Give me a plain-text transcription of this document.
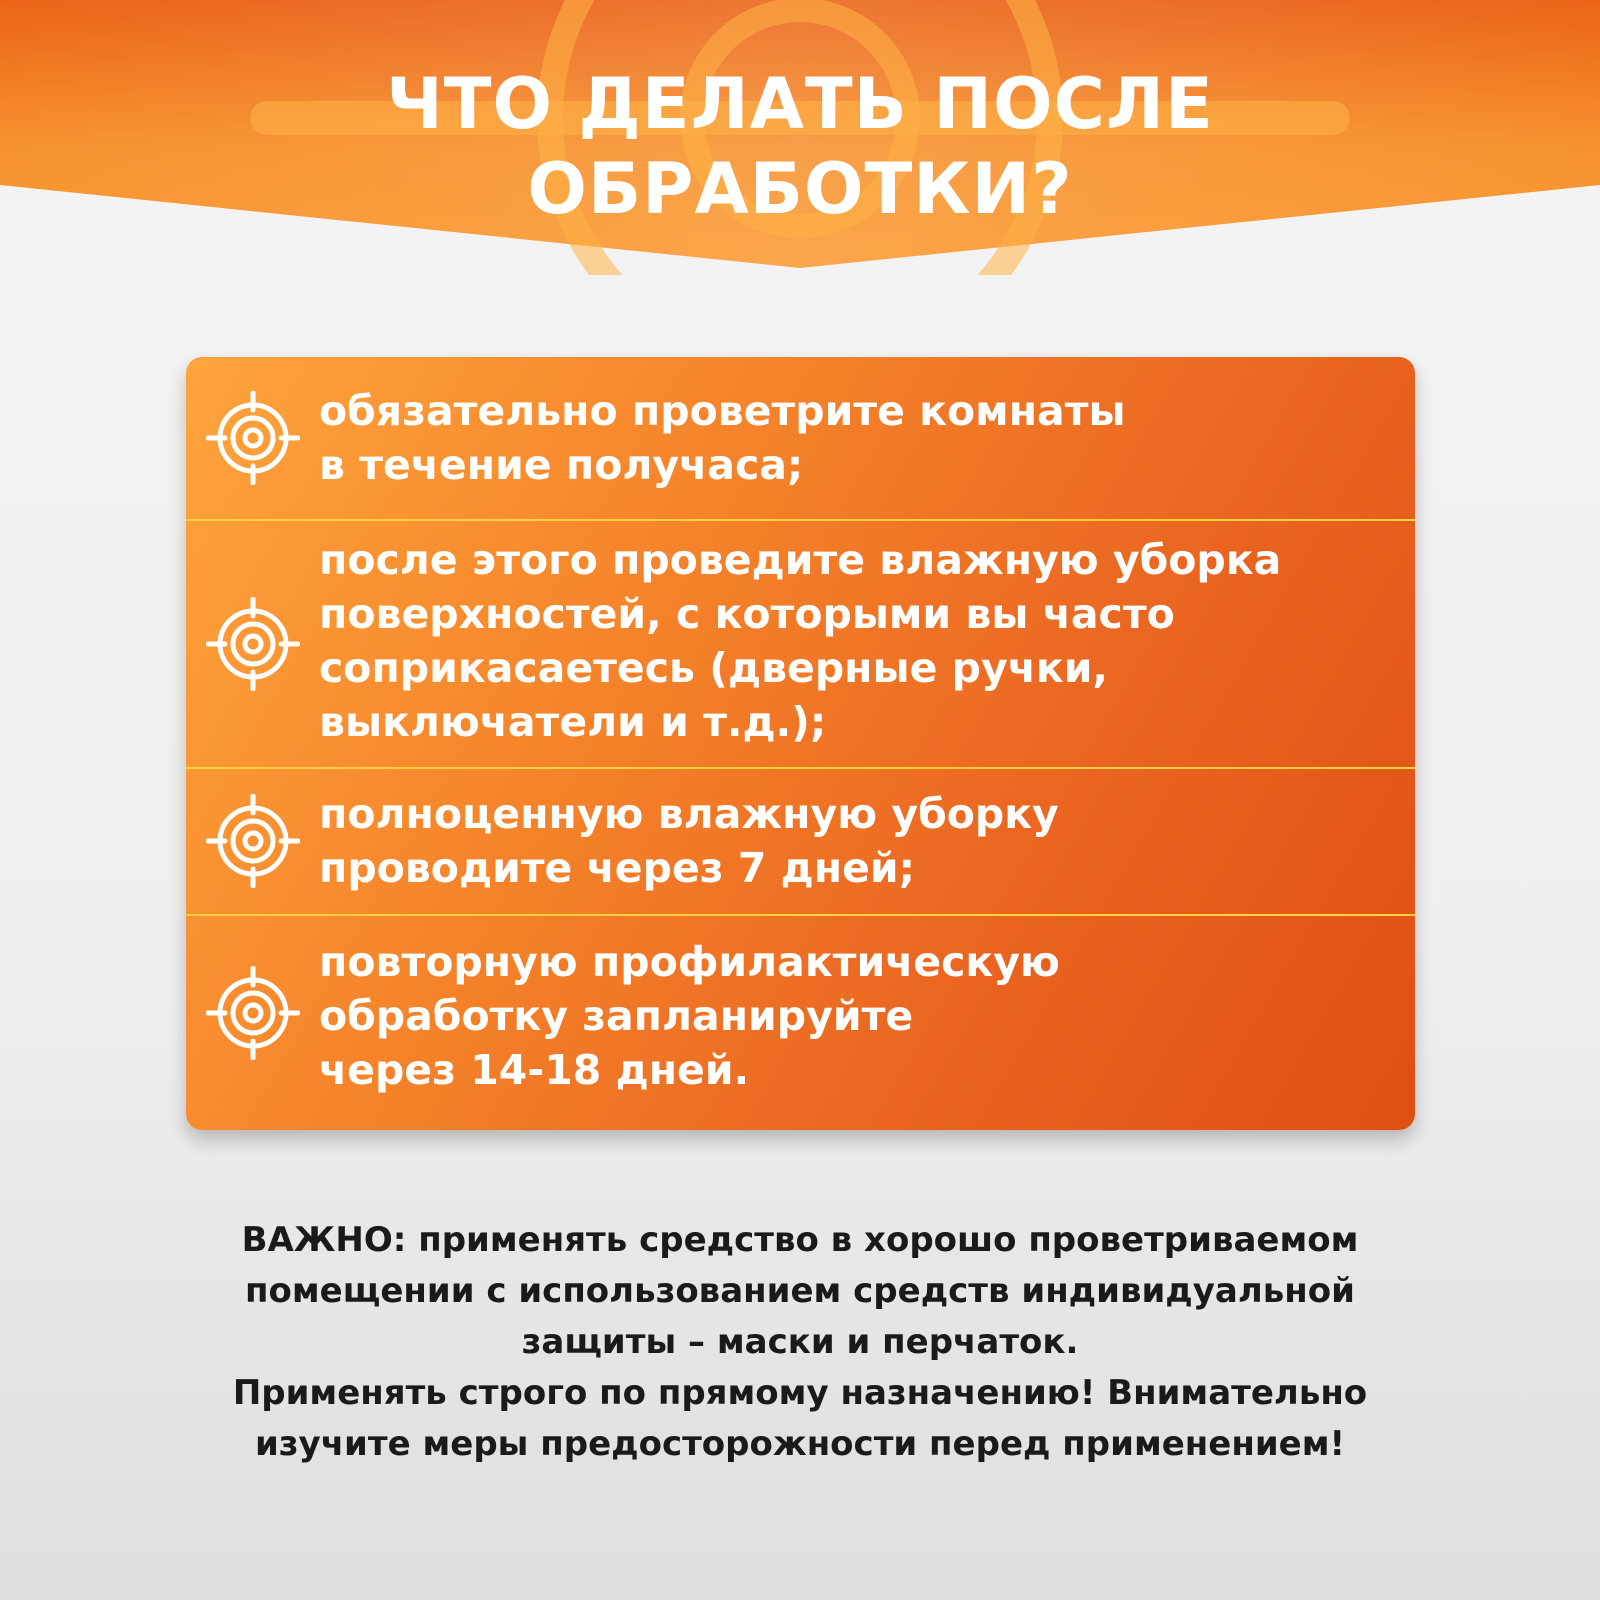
ЧТО ДЕЛАТЬ ПОСЛЕ
ОБРАБОТКИ?
обязательно проветрите комнаты
в течение получаса;
после этого проведите влажную уборка
поверхностей, с которыми вы часто
соприкасаетесь (дверные ручки,
выключатели и т.д.);
полноценную влажную уборку
проводите через 7 дней;
повторную профилактическую
обработку запланируйте
через 14-18 дней.
ВАЖНО: применять средство в хорошо проветриваемом
помещении с использованием средств индивидуальной
защиты – маски и перчаток.
Применять строго по прямому назначению! Внимательно
изучите меры предосторожности перед применением!
